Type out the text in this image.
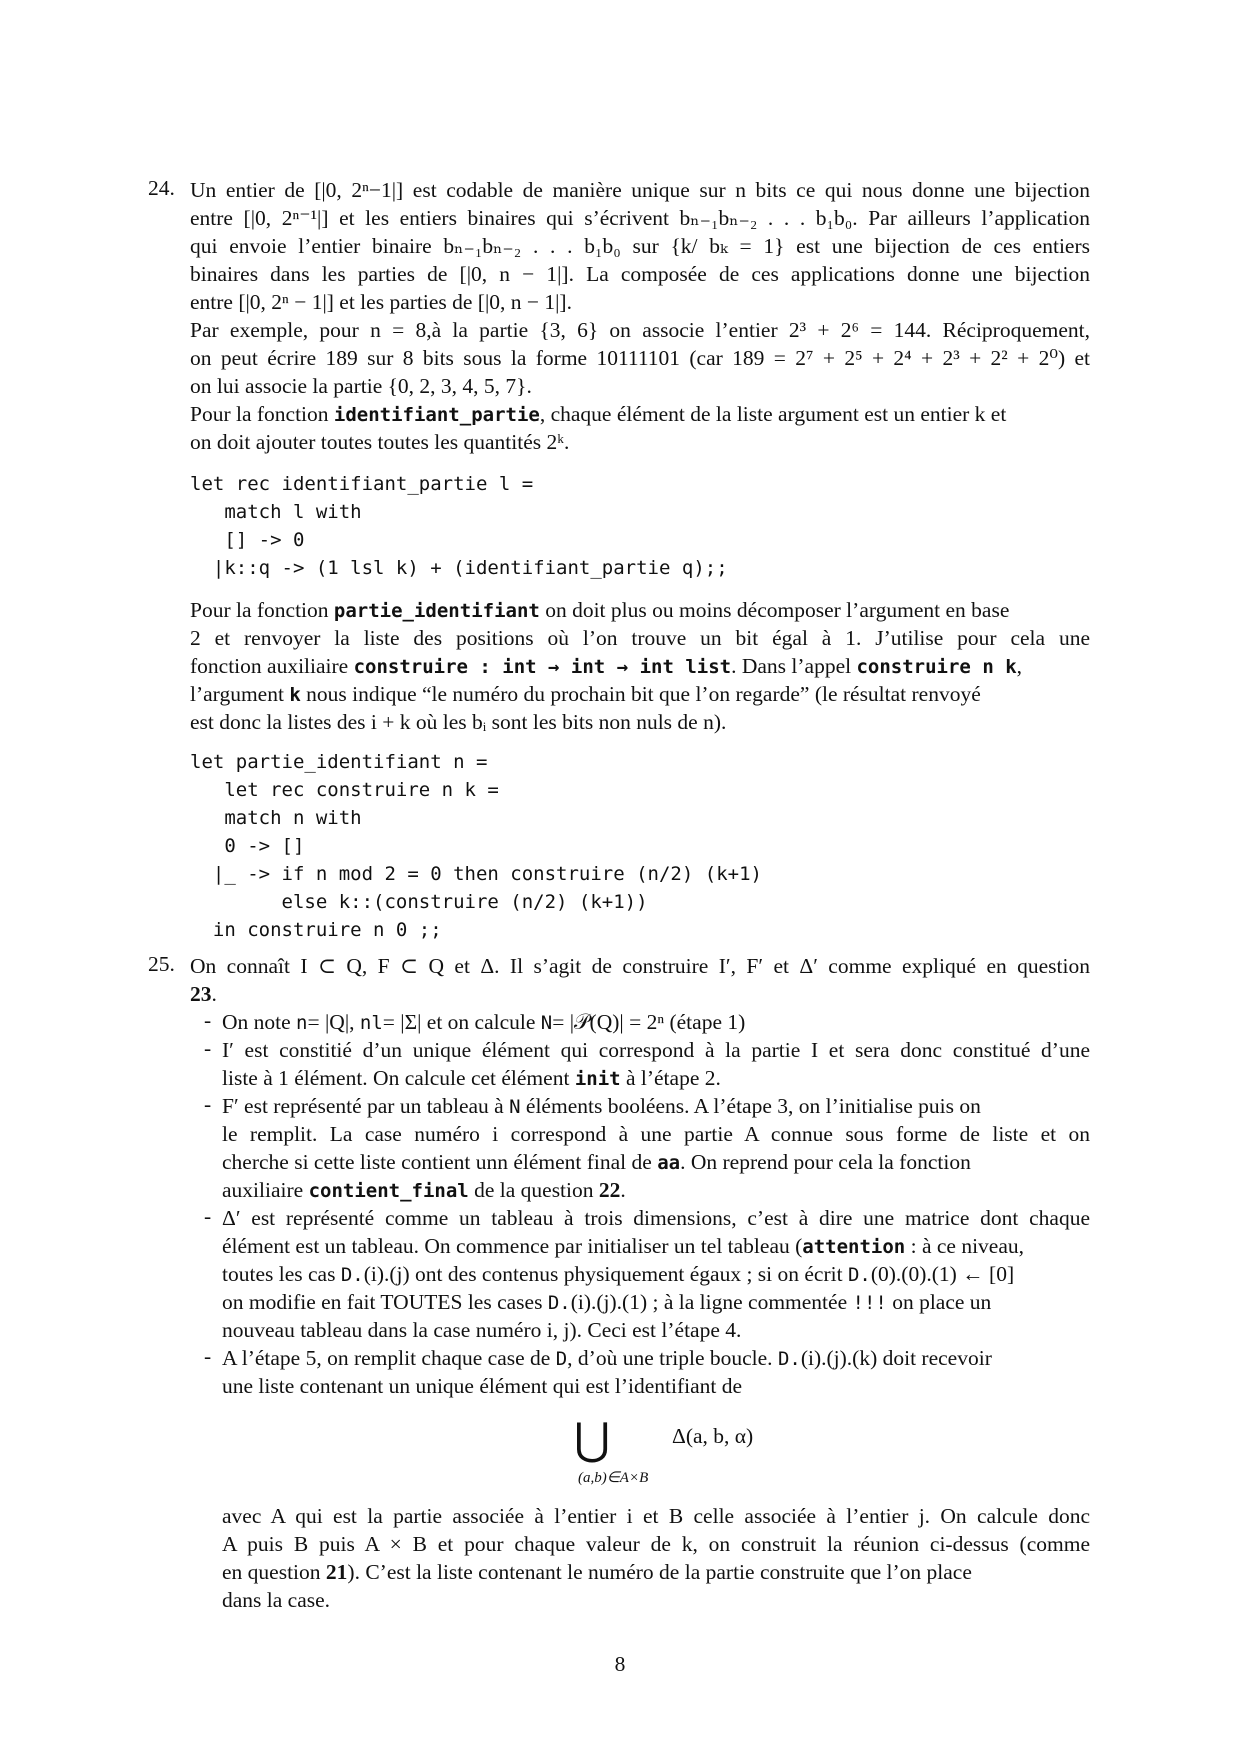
24. Un entier de [|0, 2ⁿ−1|] est codable de manière unique sur n bits ce qui nous donne une bijection
entre [|0, 2ⁿ⁻¹|] et les entiers binaires qui s’écrivent bₙ₋₁bₙ₋₂ . . . b₁b₀. Par ailleurs l’application
qui envoie l’entier binaire bₙ₋₁bₙ₋₂ . . . b₁b₀ sur {k/ bₖ = 1} est une bijection de ces entiers
binaires dans les parties de [|0, n − 1|]. La composée de ces applications donne une bijection
entre [|0, 2ⁿ − 1|] et les parties de [|0, n − 1|].
Par exemple, pour n = 8,à la partie {3, 6} on associe l’entier 2³ + 2⁶ = 144. Réciproquement,
on peut écrire 189 sur 8 bits sous la forme 10111101 (car 189 = 2⁷ + 2⁵ + 2⁴ + 2³ + 2² + 2⁰) et
on lui associe la partie {0, 2, 3, 4, 5, 7}.
Pour la fonction identifiant_partie, chaque élément de la liste argument est un entier k et
on doit ajouter toutes toutes les quantités 2ᵏ.
let rec identifiant_partie l =
match l with
[] -> 0
|k::q -> (1 lsl k) + (identifiant_partie q);;
Pour la fonction partie_identifiant on doit plus ou moins décomposer l’argument en base
2 et renvoyer la liste des positions où l’on trouve un bit égal à 1. J’utilise pour cela une
fonction auxiliaire construire : int → int → int list. Dans l’appel construire n k,
l’argument k nous indique “le numéro du prochain bit que l’on regarde” (le résultat renvoyé
est donc la listes des i + k où les bᵢ sont les bits non nuls de n).
let partie_identifiant n =
let rec construire n k =
match n with
0 -> []
|_ -> if n mod 2 = 0 then construire (n/2) (k+1)
else k::(construire (n/2) (k+1))
in construire n 0 ;;
25. On connaît I ⊂ Q, F ⊂ Q et Δ. Il s’agit de construire I′, F′ et Δ′ comme expliqué en question
23.
- On note n= |Q|, nl= |Σ| et on calcule N= |𝒫(Q)| = 2ⁿ (étape 1)
- I′ est constitié d’un unique élément qui correspond à la partie I et sera donc constitué d’une
liste à 1 élément. On calcule cet élément init à l’étape 2.
- F′ est représenté par un tableau à N éléments booléens. A l’étape 3, on l’initialise puis on
le remplit. La case numéro i correspond à une partie A connue sous forme de liste et on
cherche si cette liste contient unn élément final de aa. On reprend pour cela la fonction
auxiliaire contient_final de la question 22.
- Δ′ est représenté comme un tableau à trois dimensions, c’est à dire une matrice dont chaque
élément est un tableau. On commence par initialiser un tel tableau (attention : à ce niveau,
toutes les cas D.(i).(j) ont des contenus physiquement égaux ; si on écrit D.(0).(0).(1) ← [0]
on modifie en fait TOUTES les cases D.(i).(j).(1) ; à la ligne commentée !!! on place un
nouveau tableau dans la case numéro i, j). Ceci est l’étape 4.
- A l’étape 5, on remplit chaque case de D, d’où une triple boucle. D.(i).(j).(k) doit recevoir
une liste contenant un unique élément qui est l’identifiant de
⋃	Δ(a, b, α)
(a,b)∈A×B
avec A qui est la partie associée à l’entier i et B celle associée à l’entier j. On calcule donc
A puis B puis A × B et pour chaque valeur de k, on construit la réunion ci-dessus (comme
en question 21). C’est la liste contenant le numéro de la partie construite que l’on place
dans la case.
8
